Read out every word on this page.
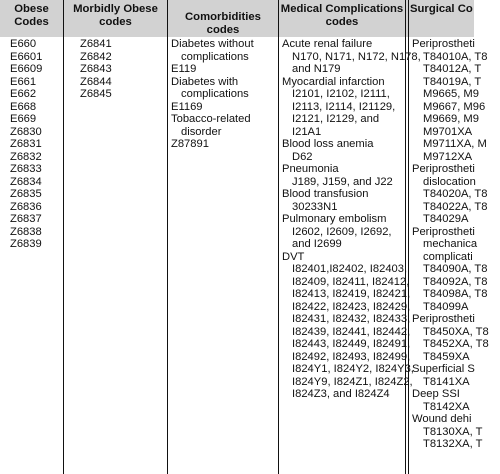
Obese
Codes
Morbidly Obese
codes	Comorbidities codes
Medical Complications
codes
Surgical Co
E660
E6601
E6609
E661
E662
E668
E669
Z6830
Z6831
Z6832
Z6833
Z6834
Z6835
Z6836
Z6837
Z6838
Z6839
Z6841
Z6842
Z6843
Z6844
Z6845
Diabetes without
complications
E119
Diabetes with
complications
E1169
Tobacco-related
disorder
Z87891
Acute renal failure
N170, N171, N172, N178,
and N179
Myocardial infarction
I2101, I2102, I2111,
I2113, I2114, I21129,
I2121, I2129, and
I21A1
Blood loss anemia
D62
Pneumonia
J189, J159, and J22
Blood transfusion
30233N1
Pulmonary embolism
I2602, I2609, I2692,
and I2699
DVT
I82401,I82402, I82403,
I82409, I82411, I82412,
I82413, I82419, I82421,
I82422, I82423, I82429,
I82431, I82432, I82433,
I82439, I82441, I82442,
I82443, I82449, I82491,
I82492, I82493, I82499,
I824Y1, I824Y2, I824Y3,
I824Y9, I824Z1, I824Z2,
I824Z3, and I824Z4
Periprostheti
T84010A, T8
T84012A, T
T84019A, T
M9665, M9
M9667, M96
M9669, M9
M9701XA
M9711XA, M
M9712XA
Periprostheti
dislocation
T84020A, T8
T84022A, T8
T84029A
Periprostheti
mechanica
complicati
T84090A, T8
T84092A, T8
T84098A, T8
T84099A
Periprostheti
T8450XA, T8
T8452XA, T8
T8459XA
Superficial S
T8141XA
Deep SSI
T8142XA
Wound dehi
T8130XA, T
T8132XA, T
